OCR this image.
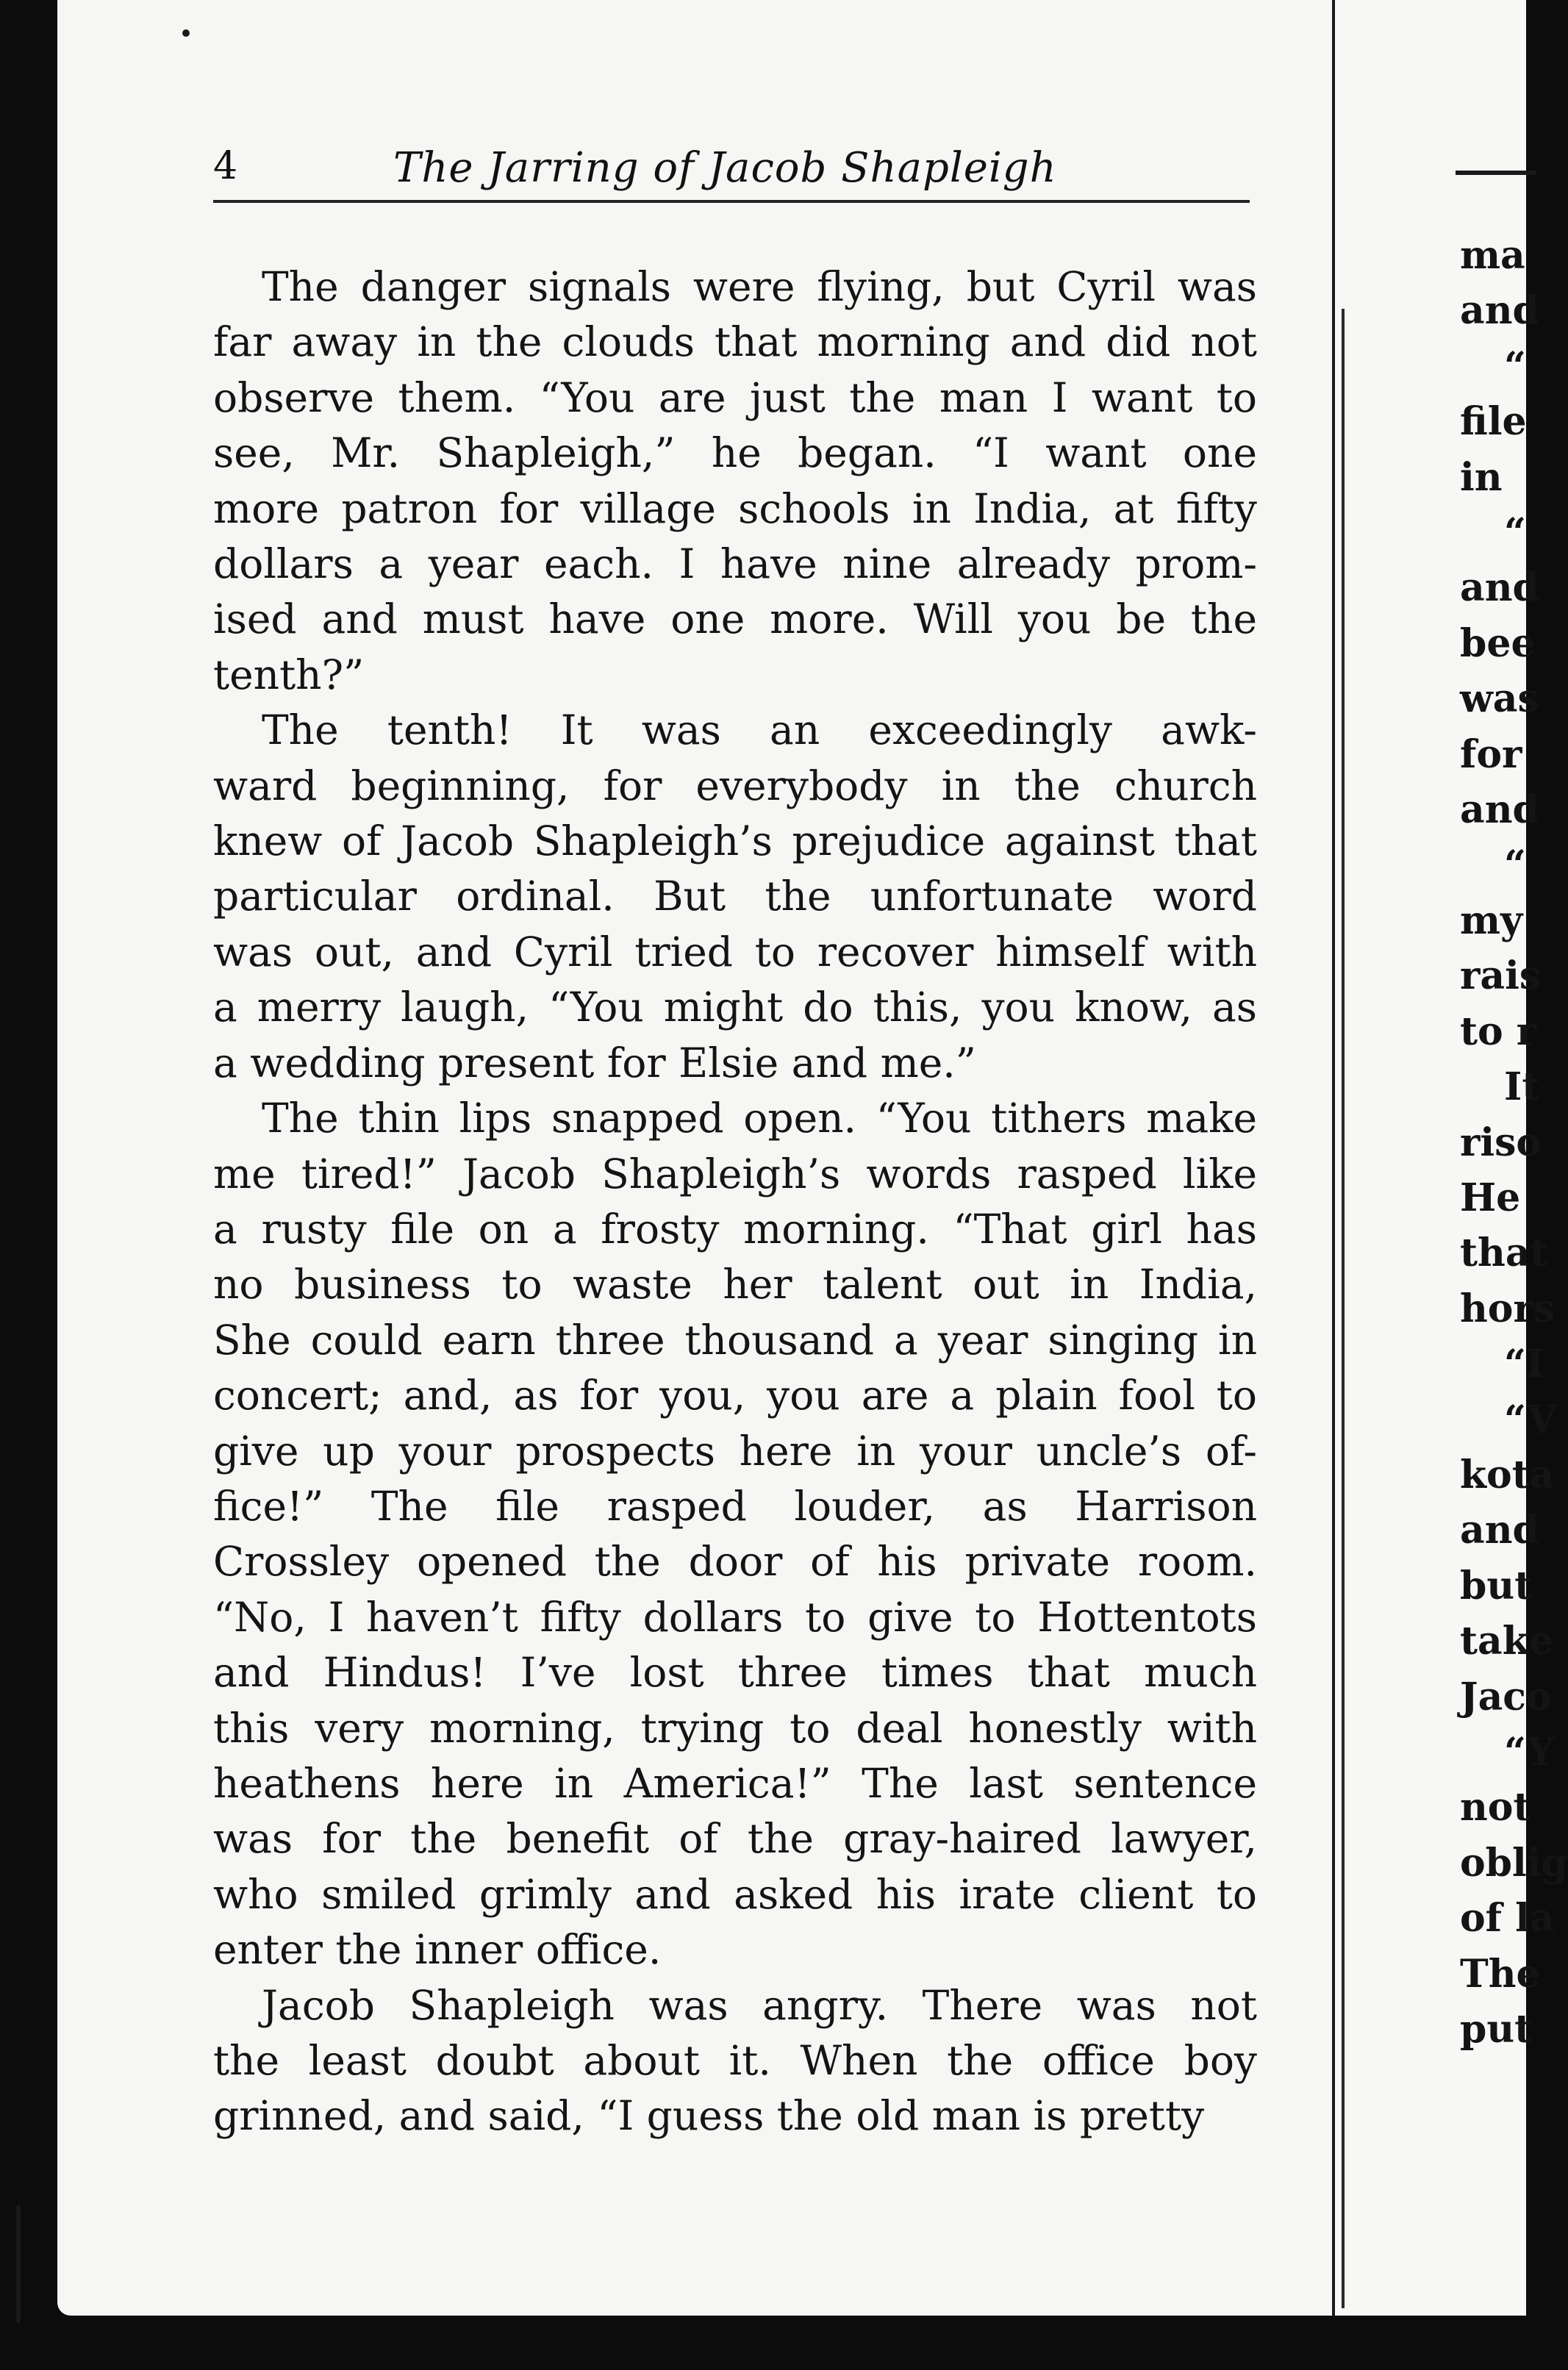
ma
and
“
file
in
“
and
bee
was
for
and
“
my
rais
to r
It
riso
He
that
hors
“I
“V
kota
and
but
take
Jaco
“Y
not
oblig
of la
The
put
4	The Jarring of Jacob Shapleigh
The danger signals were flying, but Cyril was
far away in the clouds that morning and did not
observe them. “You are just the man I want to
see, Mr. Shapleigh,” he began. “I want one
more patron for village schools in India, at fifty
dollars a year each. I have nine already prom-
ised and must have one more. Will you be the
tenth?”
The tenth! It was an exceedingly awk-
ward beginning, for everybody in the church
knew of Jacob Shapleigh’s prejudice against that
particular ordinal. But the unfortunate word
was out, and Cyril tried to recover himself with
a merry laugh, “You might do this, you know, as
a wedding present for Elsie and me.”
The thin lips snapped open. “You tithers make
me tired!” Jacob Shapleigh’s words rasped like
a rusty file on a frosty morning. “That girl has
no business to waste her talent out in India,
She could earn three thousand a year singing in
concert; and, as for you, you are a plain fool to
give up your prospects here in your uncle’s of-
fice!” The file rasped louder, as Harrison
Crossley opened the door of his private room.
“No, I haven’t fifty dollars to give to Hottentots
and Hindus! I’ve lost three times that much
this very morning, trying to deal honestly with
heathens here in America!” The last sentence
was for the benefit of the gray-haired lawyer,
who smiled grimly and asked his irate client to
enter the inner office.
Jacob Shapleigh was angry. There was not
the least doubt about it. When the office boy
grinned, and said, “I guess the old man is pretty
